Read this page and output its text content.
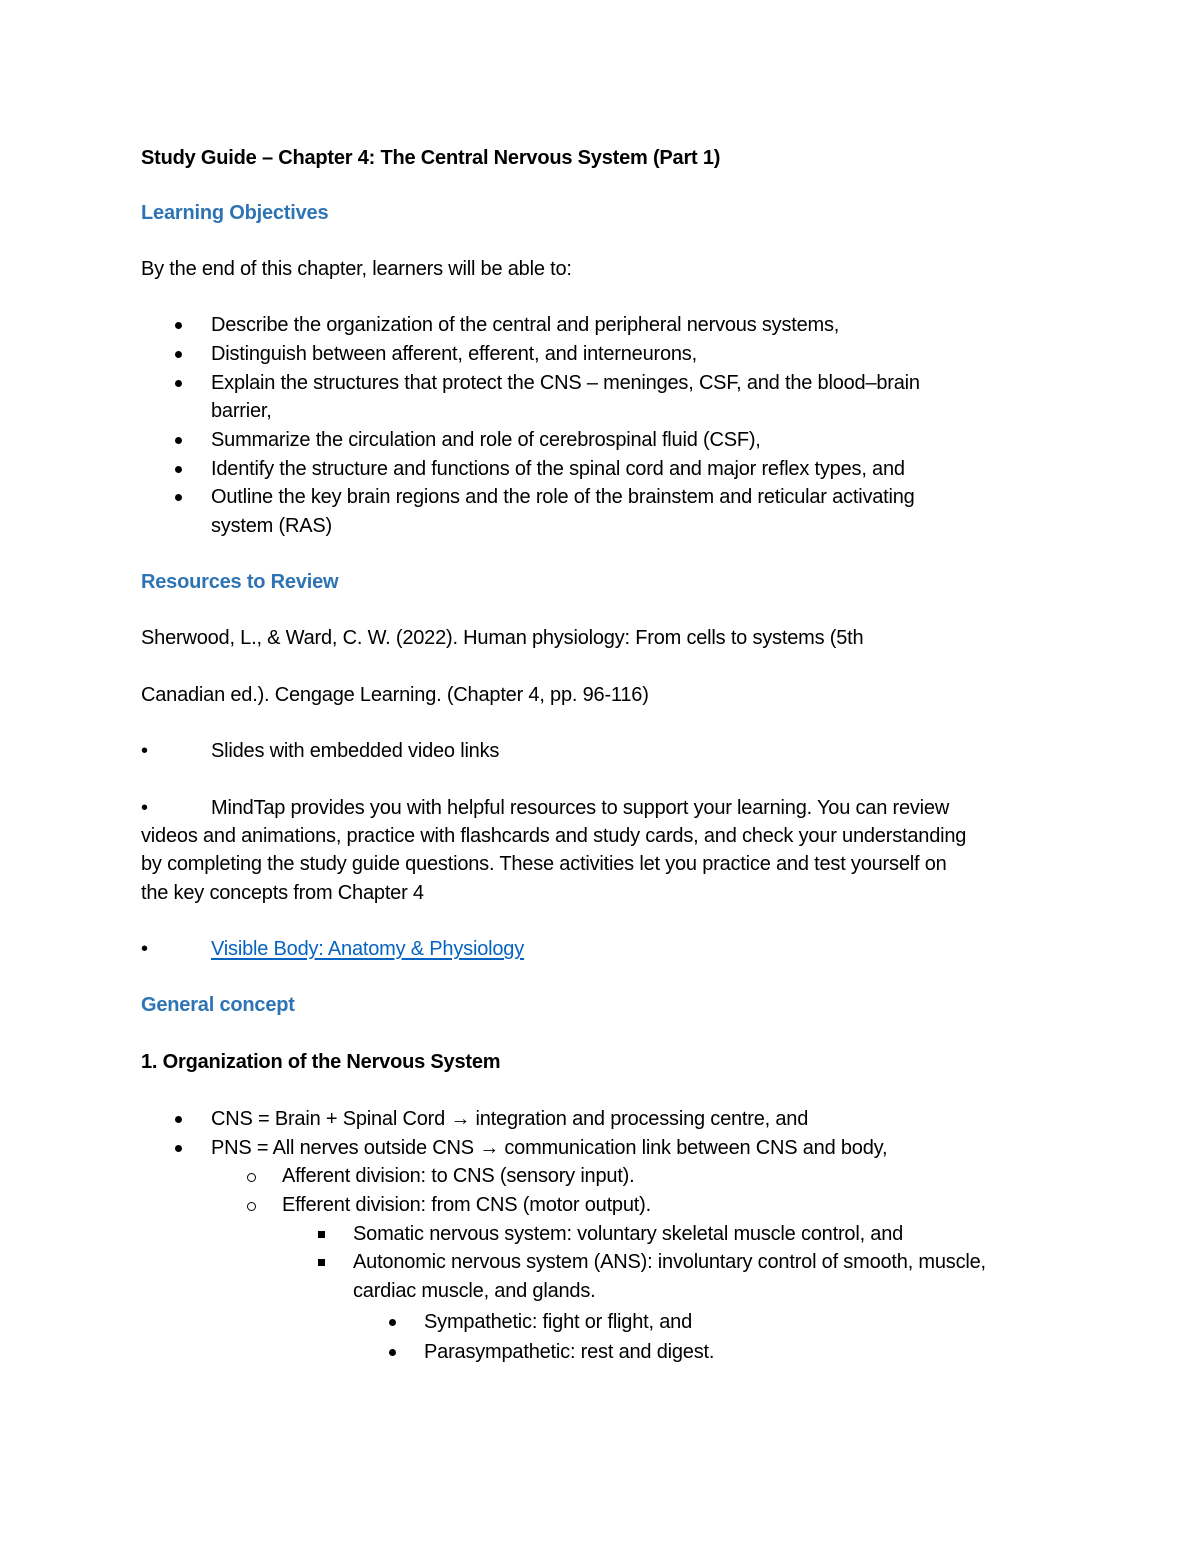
Study Guide – Chapter 4: The Central Nervous System (Part 1)
Learning Objectives
By the end of this chapter, learners will be able to:
Describe the organization of the central and peripheral nervous systems,
Distinguish between afferent, efferent, and interneurons,
Explain the structures that protect the CNS – meninges, CSF, and the blood–brain
barrier,
Summarize the circulation and role of cerebrospinal fluid (CSF),
Identify the structure and functions of the spinal cord and major reflex types, and
Outline the key brain regions and the role of the brainstem and reticular activating
system (RAS)
Resources to Review
Sherwood, L., & Ward, C. W. (2022). Human physiology: From cells to systems (5th
Canadian ed.). Cengage Learning. (Chapter 4, pp. 96-116)
•	Slides with embedded video links
•	MindTap provides you with helpful resources to support your learning. You can review
videos and animations, practice with flashcards and study cards, and check your understanding
by completing the study guide questions. These activities let you practice and test yourself on
the key concepts from Chapter 4
•	Visible Body: Anatomy & Physiology
General concept
1. Organization of the Nervous System
CNS = Brain + Spinal Cord → integration and processing centre, and
PNS = All nerves outside CNS → communication link between CNS and body,
Afferent division: to CNS (sensory input).
Efferent division: from CNS (motor output).
Somatic nervous system: voluntary skeletal muscle control, and
Autonomic nervous system (ANS): involuntary control of smooth, muscle,
cardiac muscle, and glands.
Sympathetic: fight or flight, and
Parasympathetic: rest and digest.
